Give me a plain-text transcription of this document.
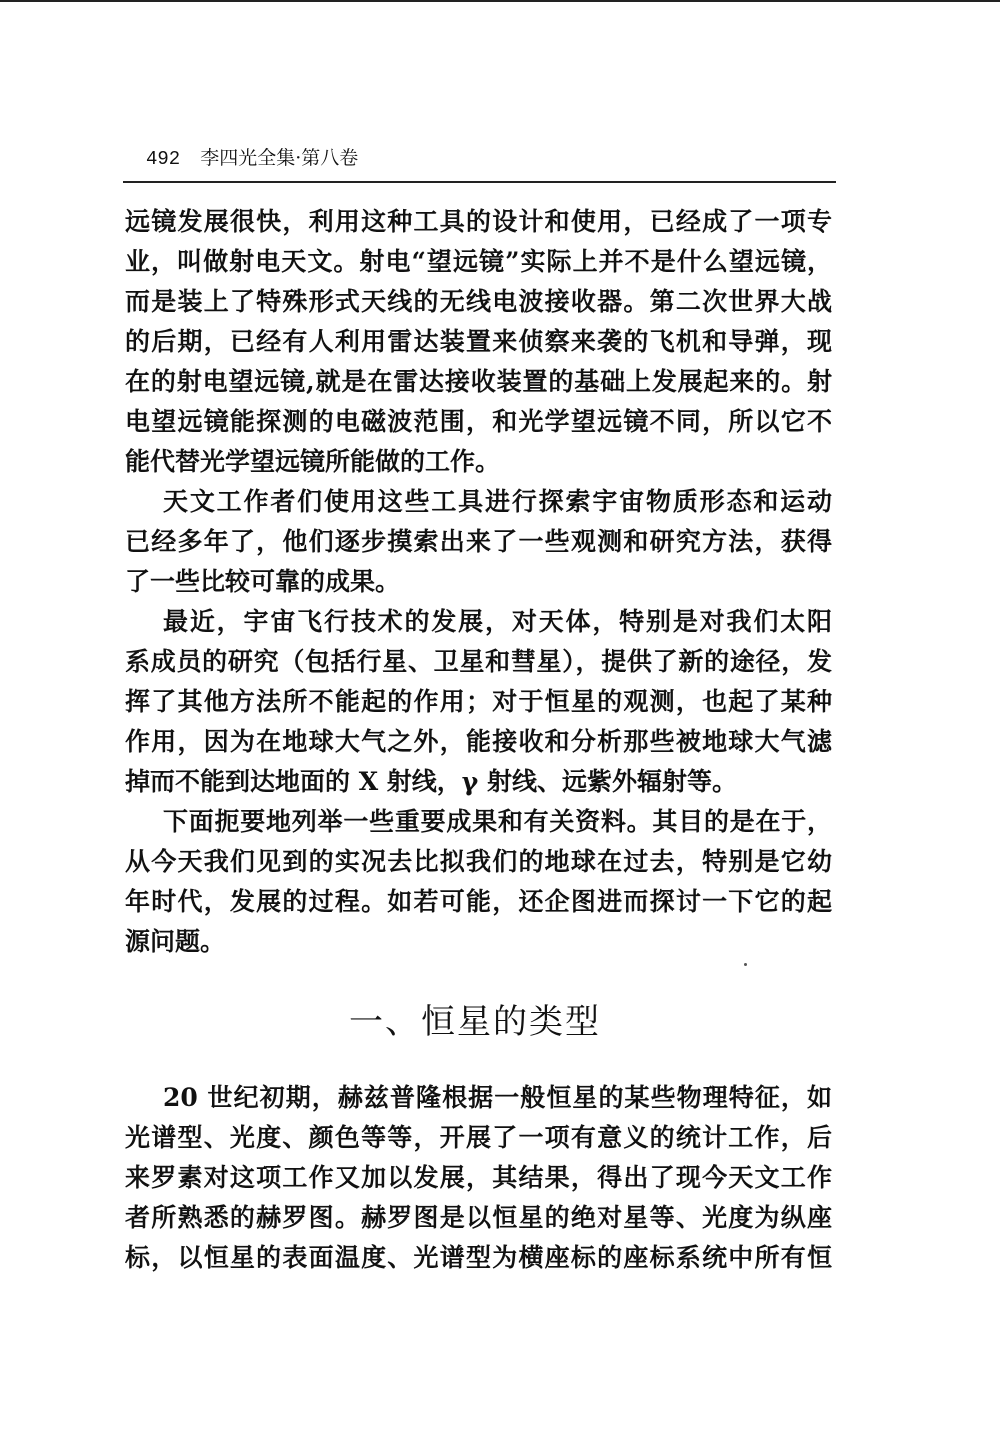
492 李四光全集·第八卷
远镜发展很快，利用这种工具的设计和使用，已经成了一项专
业，叫做射电天文。射电“望远镜”实际上并不是什么望远镜，
而是装上了特殊形式天线的无线电波接收器。第二次世界大战
的后期，已经有人利用雷达装置来侦察来袭的飞机和导弹，现
在的射电望远镜,就是在雷达接收装置的基础上发展起来的。射
电望远镜能探测的电磁波范围，和光学望远镜不同，所以它不
能代替光学望远镜所能做的工作。
天文工作者们使用这些工具进行探索宇宙物质形态和运动
已经多年了，他们逐步摸索出来了一些观测和研究方法，获得
了一些比较可靠的成果。
最近，宇宙飞行技术的发展，对天体，特别是对我们太阳
系成员的研究（包括行星、卫星和彗星），提供了新的途径，发
挥了其他方法所不能起的作用；对于恒星的观测，也起了某种
作用，因为在地球大气之外，能接收和分析那些被地球大气滤
掉而不能到达地面的 X 射线，γ 射线、远紫外辐射等。
下面扼要地列举一些重要成果和有关资料。其目的是在于，
从今天我们见到的实况去比拟我们的地球在过去，特别是它幼
年时代，发展的过程。如若可能，还企图进而探讨一下它的起
源问题。
一、恒星的类型
20 世纪初期，赫兹普隆根据一般恒星的某些物理特征，如
光谱型、光度、颜色等等，开展了一项有意义的统计工作，后
来罗素对这项工作又加以发展，其结果，得出了现今天文工作
者所熟悉的赫罗图。赫罗图是以恒星的绝对星等、光度为纵座
标，以恒星的表面温度、光谱型为横座标的座标系统中所有恒
